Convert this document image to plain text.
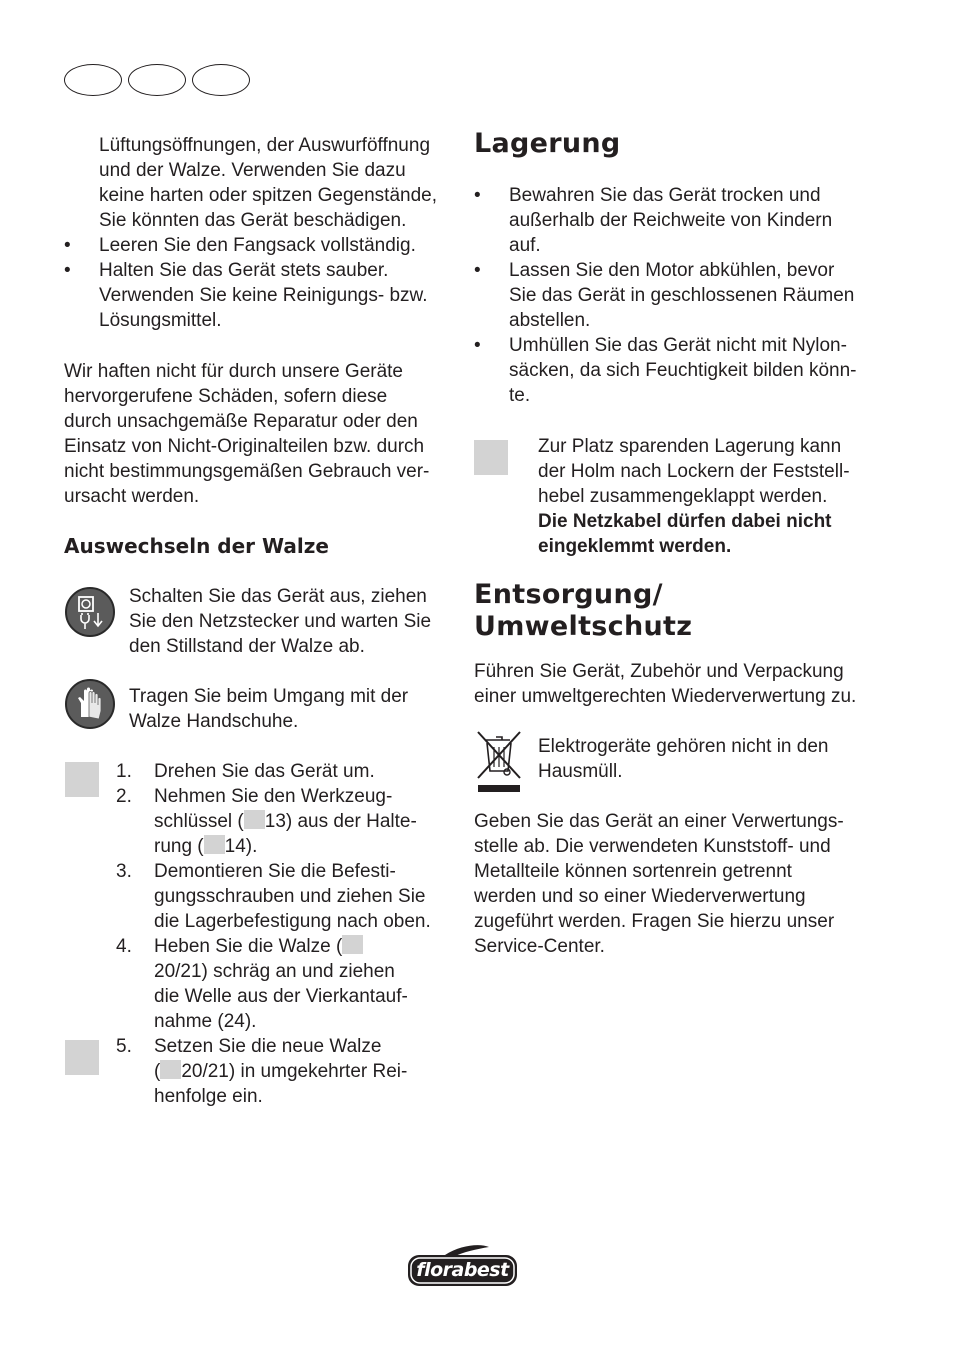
Lüftungsöffnungen, der Auswurföffnung

und der Walze. Verwenden Sie dazu

keine harten oder spitzen Gegenstände,

Sie könnten das Gerät beschädigen.

• Leeren Sie den Fangsack vollständig.

• Halten Sie das Gerät stets sauber.

Verwenden Sie keine Reinigungs- bzw.

Lösungsmittel.

Wir haften nicht für durch unsere Geräte

hervorgerufene Schäden, sofern diese

durch unsachgemäße Reparatur oder den

Einsatz von Nicht-Originalteilen bzw. durch

nicht bestimmungsgemäßen Gebrauch ver-

ursacht werden.

Auswechseln der Walze

Schalten Sie das Gerät aus, ziehen

Sie den Netzstecker und warten Sie

den Stillstand der Walze ab.

Tragen Sie beim Umgang mit der

Walze Handschuhe.

1. Drehen Sie das Gerät um.

2. Nehmen Sie den Werkzeug-

schlüssel ( 13) aus der Halte-

rung ( 14).

3. Demontieren Sie die Befesti-

gungsschrauben und ziehen Sie

die Lagerbefestigung nach oben.

4. Heben Sie die Walze (

20/21) schräg an und ziehen

die Welle aus der Vierkantauf-

nahme (24).

5. Setzen Sie die neue Walze

( 20/21) in umgekehrter Rei-

henfolge ein.

Lagerung
• Bewahren Sie das Gerät trocken und

außerhalb der Reichweite von Kindern

auf.

• Lassen Sie den Motor abkühlen, bevor

Sie das Gerät in geschlossenen Räumen

abstellen.

• Umhüllen Sie das Gerät nicht mit Nylon-

säcken, da sich Feuchtigkeit bilden könn-

te.

Zur Platz sparenden Lagerung kann

der Holm nach Lockern der Feststell-

hebel zusammengeklappt werden.

Die Netzkabel dürfen dabei nicht

eingeklemmt werden.

Entsorgung/
Umweltschutz

Führen Sie Gerät, Zubehör und Verpackung

einer umweltgerechten Wiederverwertung zu.

Elektrogeräte gehören nicht in den

Hausmüll.

Geben Sie das Gerät an einer Verwertungs-

stelle ab. Die verwendeten Kunststoff- und

Metallteile können sortenrein getrennt

werden und so einer Wiederverwertung

zugeführt werden. Fragen Sie hierzu unser

Service-Center.

florabest
